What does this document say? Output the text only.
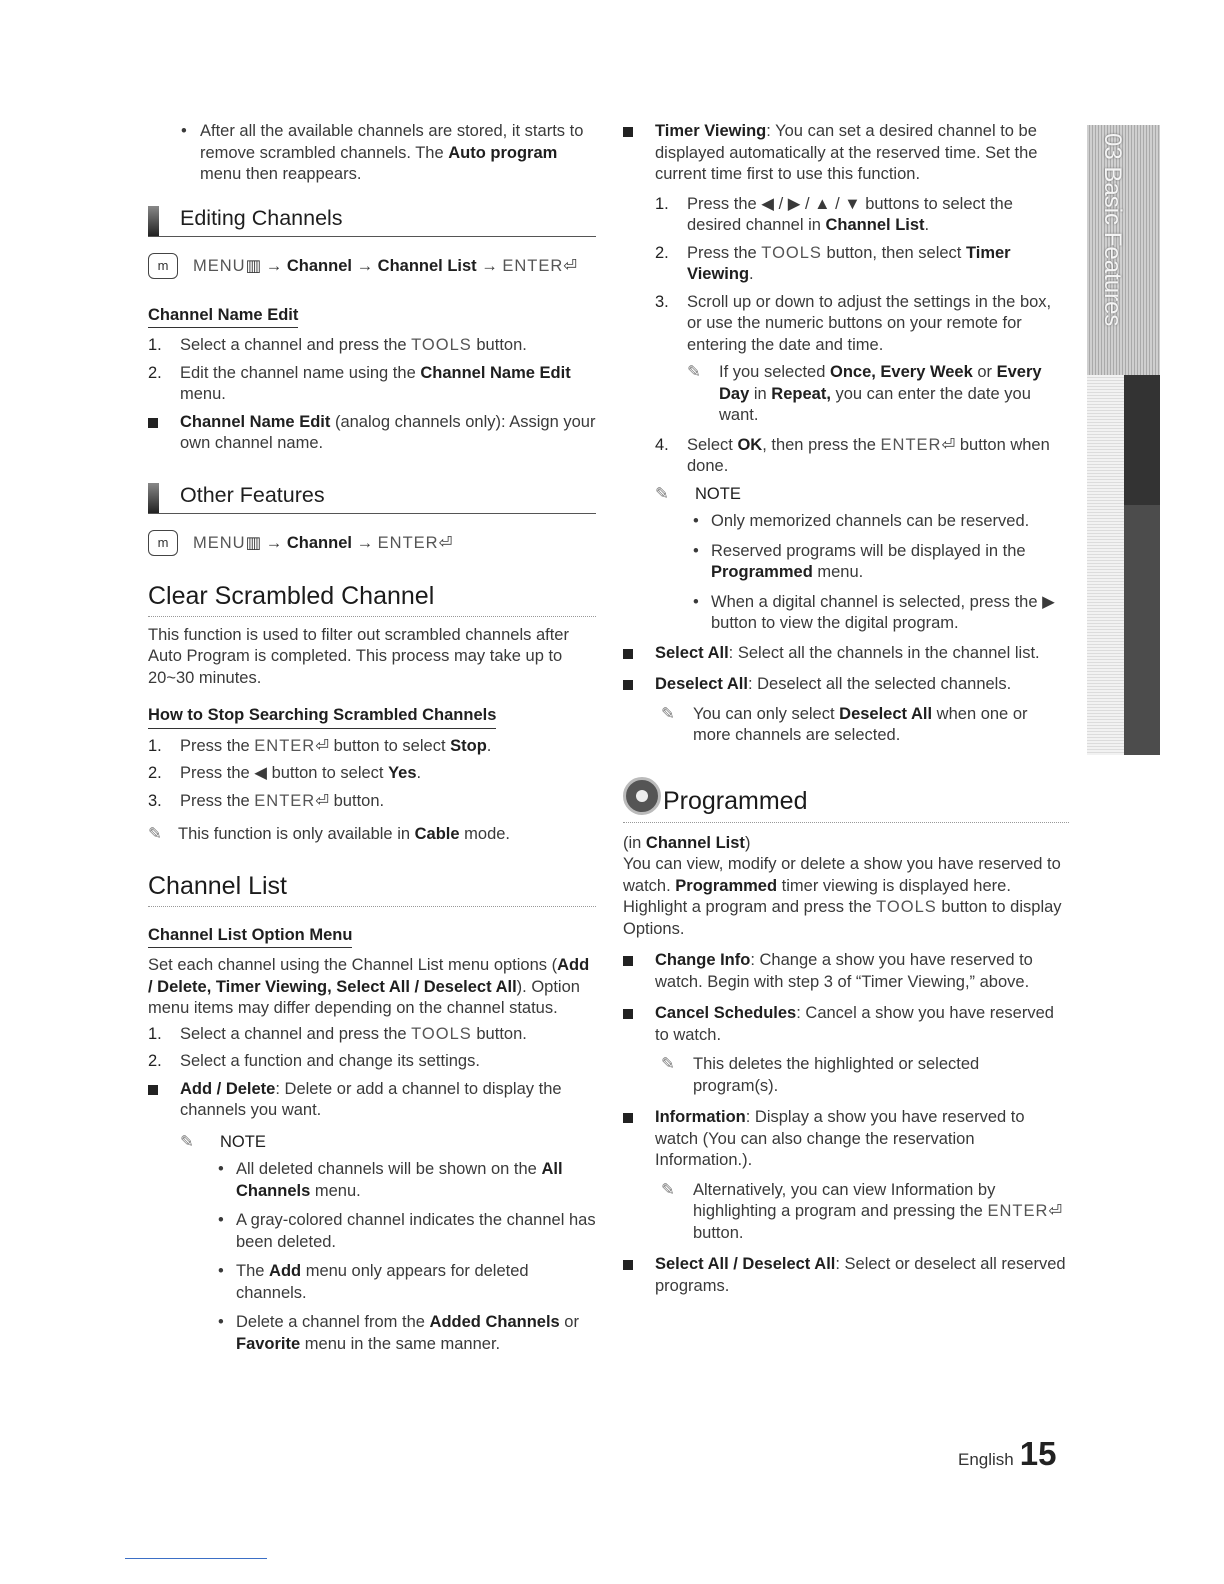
• After all the available channels are stored, it starts to remove scrambled channels. The Auto program menu then reappears.

Editing Channels
m	MENU▥ → Channel → Channel List → ENTER⏎
Channel Name Edit
1. Select a channel and press the TOOLS button.
2. Edit the channel name using the Channel Name Edit menu.
Channel Name Edit (analog channels only): Assign your own channel name.
Other Features
m	MENU▥ → Channel → ENTER⏎
Clear Scrambled Channel

This function is used to filter out scrambled channels after Auto Program is completed. This process may take up to 20~30 minutes.

How to Stop Searching Scrambled Channels
1. Press the ENTER⏎ button to select Stop.
2. Press the ◀ button to select Yes.
3. Press the ENTER⏎ button.
✎ This function is only available in Cable mode.
Channel List
Channel List Option Menu

Set each channel using the Channel List menu options (Add / Delete, Timer Viewing, Select All / Deselect All). Option menu items may differ depending on the channel status.

1. Select a channel and press the TOOLS button.
2. Select a function and change its settings.
Add / Delete: Delete or add a channel to display the channels you want.
✎ NOTE
• All deleted channels will be shown on the All Channels menu.
• A gray-colored channel indicates the channel has been deleted.
• The Add menu only appears for deleted channels.
• Delete a channel from the Added Channels or Favorite menu in the same manner.
Timer Viewing: You can set a desired channel to be displayed automatically at the reserved time. Set the current time first to use this function.
1. Press the ◀ / ▶ / ▲ / ▼ buttons to select the desired channel in Channel List.
2. Press the TOOLS button, then select Timer Viewing.
3. Scroll up or down to adjust the settings in the box, or use the numeric buttons on your remote for entering the date and time.
✎ If you selected Once, Every Week or Every Day in Repeat, you can enter the date you want.
4. Select OK, then press the ENTER⏎ button when done.
✎ NOTE
• Only memorized channels can be reserved.
• Reserved programs will be displayed in the Programmed menu.
• When a digital channel is selected, press the ▶ button to view the digital program.
Select All: Select all the channels in the channel list.
Deselect All: Deselect all the selected channels.
✎ You can only select Deselect All when one or more channels are selected.
Programmed

(in Channel List)

You can view, modify or delete a show you have reserved to watch. Programmed timer viewing is displayed here. Highlight a program and press the TOOLS button to display Options.

Change Info: Change a show you have reserved to watch. Begin with step 3 of “Timer Viewing,” above.
Cancel Schedules: Cancel a show you have reserved to watch.
✎ This deletes the highlighted or selected program(s).
Information: Display a show you have reserved to watch (You can also change the reservation Information.).
✎ Alternatively, you can view Information by highlighting a program and pressing the ENTER⏎ button.
Select All / Deselect All: Select or deselect all reserved programs.
03 Basic Features
English 15
